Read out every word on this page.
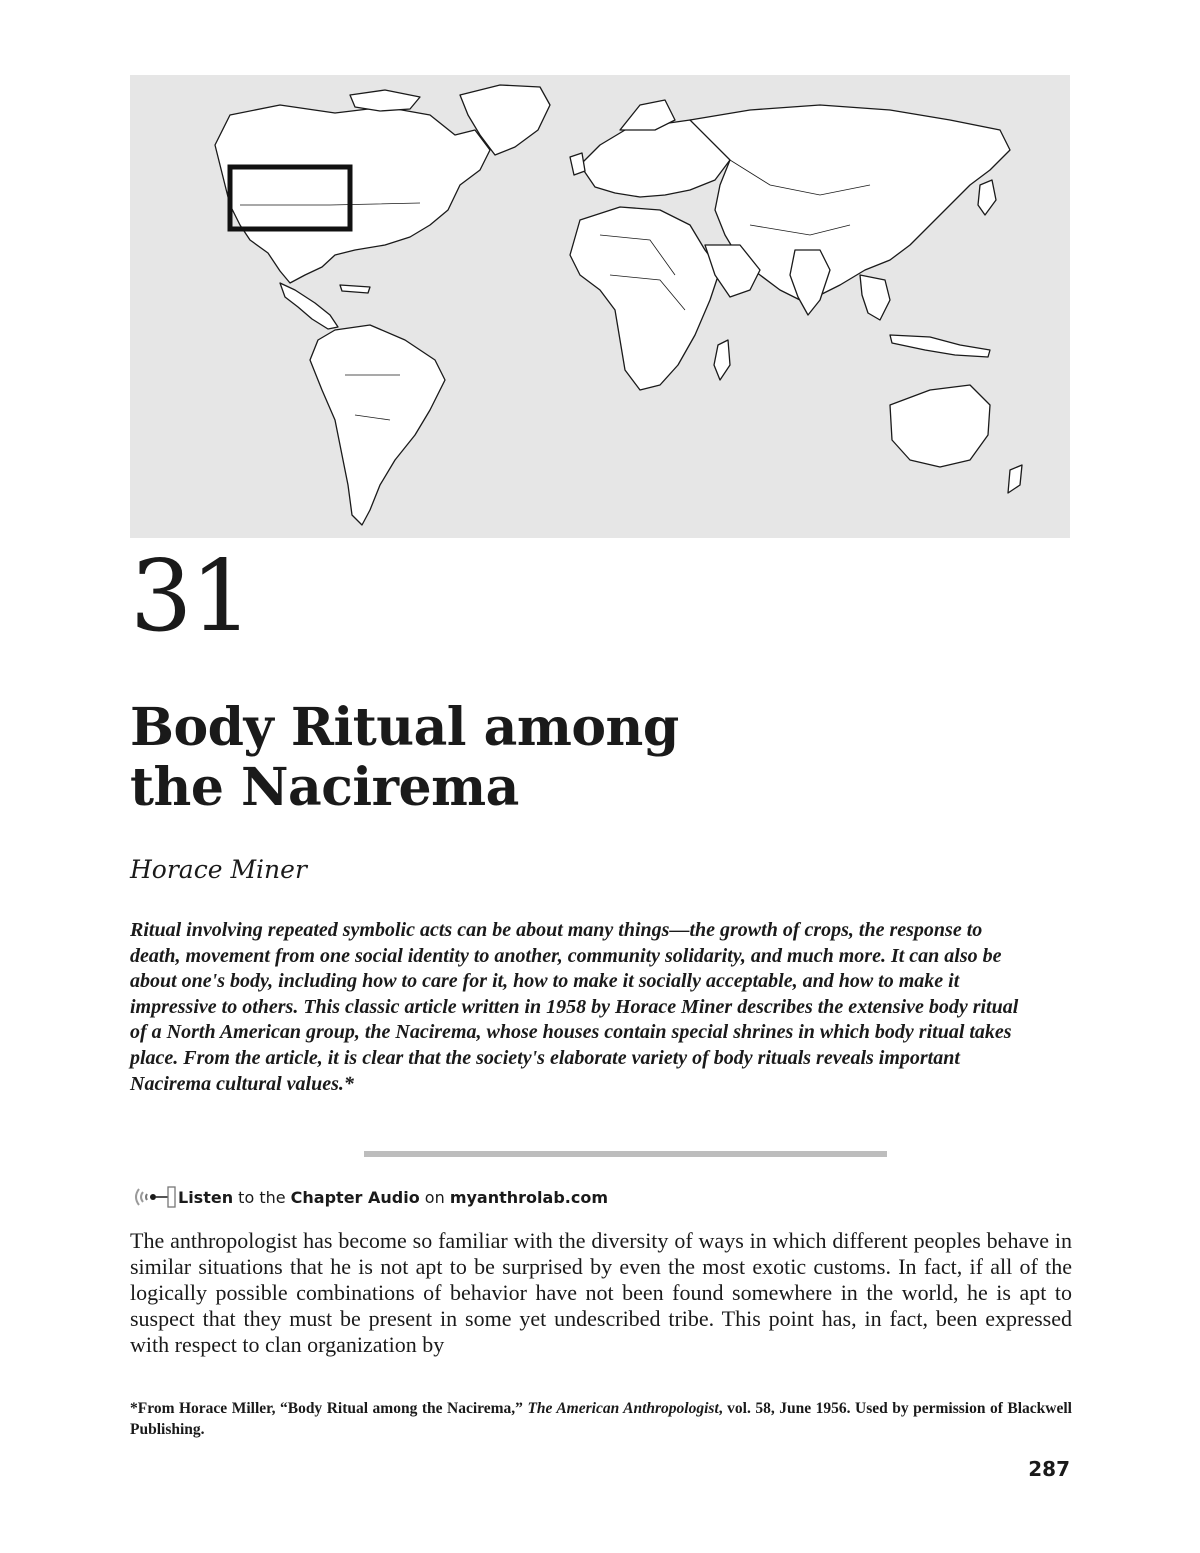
31
Body Ritual among
the Nacirema
Horace Miner

Ritual involving repeated symbolic acts can be about many things—the growth of crops, the response to death, movement from one social identity to another, community solidarity, and much more. It can also be about one's body, including how to care for it, how to make it socially acceptable, and how to make it impressive to others. This classic article written in 1958 by Horace Miner describes the extensive body ritual of a North American group, the Nacirema, whose houses contain special shrines in which body ritual takes place. From the article, it is clear that the society's elaborate variety of body rituals reveals important Nacirema cultural values.*

Listen to the Chapter Audio on myanthrolab.com

The anthropologist has become so familiar with the diversity of ways in which different peoples behave in similar situations that he is not apt to be surprised by even the most exotic customs. In fact, if all of the logically possible combinations of behavior have not been found somewhere in the world, he is apt to suspect that they must be present in some yet undescribed tribe. This point has, in fact, been expressed with respect to clan organization by

*From Horace Miller, “Body Ritual among the Nacirema,” The American Anthropologist, vol. 58, June 1956. Used by permission of Blackwell Publishing.

287
